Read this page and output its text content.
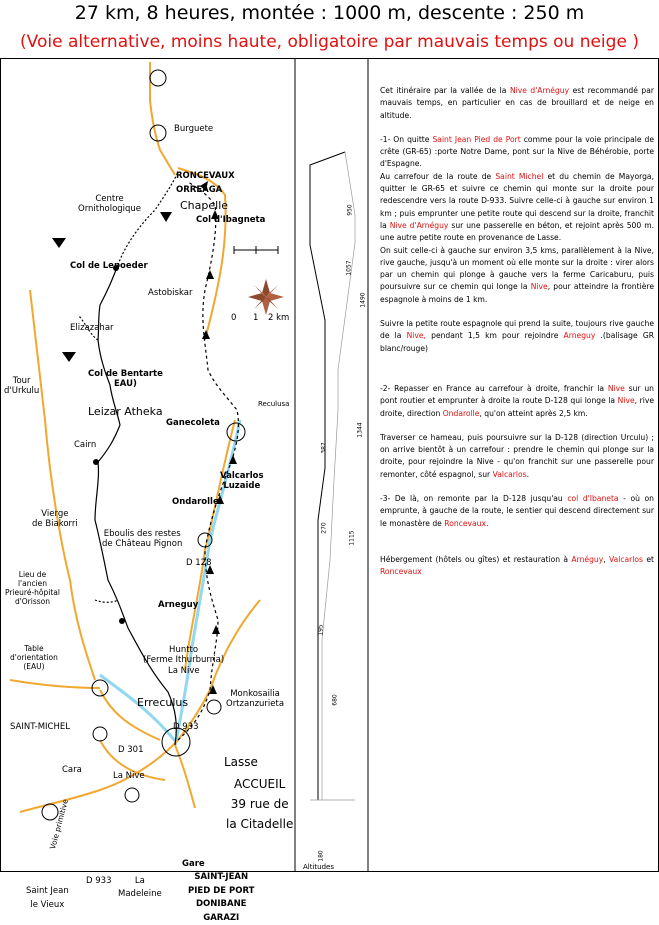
27 km, 8 heures, montée : 1000 m, descente : 250 m
(Voie alternative, moins haute, obligatoire par mauvais temps ou neige )
Burguete
RONCEVAUX
ORREAGA
Chapelle
Centre
Ornithologique
Col d'Ibagneta
Col de Lepoeder
Astobiskar
Elizazahar
Col de Bentarte
EAU)
Tour
d'Urkulu
Leizar Atheka
Cairn
Vierge
de Biakorri
Eboulis des restes
de Château Pignon
Lieu de
l'ancien
Prieuré-hôpital
d'Orisson
Table
d'orientation
(EAU)
SAINT-MICHEL
Erreculus
Monkosailia
Ortzanzurieta
La Nive
La Nive
Huntto
(Ferme Ithurburria)
Arneguy
Ondarolle
Valcarlos
Luzaide
Ganecoleta
Reculusa
D 128
D 933
D 933
D 301
Cara
Voie primitive
Lasse
ACCUEIL
39 rue de
la Citadelle
Gare
SAINT-JEAN
PIED DE PORT
DONIBANE
GARAZI
Saint Jean
le Vieux
La
Madeleine
0 1 2 km
Altitudes
950
1057
1490
1344
387
270
1115
195
680
180

Cet itinéraire par la vallée de la Nive d'Arnéguy est recommandé par mauvais temps, en particulier en cas de brouillard et de neige en altitude.

-1- On quitte Saint Jean Pied de Port comme pour la voie principale de crête (GR-65) :porte Notre Dame, pont sur la Nive de Béhérobie, porte d'Espagne.

Au carrefour de la route de Saint Michel et du chemin de Mayorga, quitter le GR-65 et suivre ce chemin qui monte sur la droite pour redescendre vers la route D-933. Suivre celle-ci à gauche sur environ 1 km ; puis emprunter une petite route qui descend sur la droite, franchit la Nive d'Arnéguy sur une passerelle en béton, et rejoint après 500 m. une autre petite route en provenance de Lasse.

On suit celle-ci à gauche sur environ 3,5 kms, parallèlement à la Nive, rive gauche, jusqu'à un moment où elle monte sur la droite : virer alors par un chemin qui plonge à gauche vers la ferme Caricaburu, puis poursuivre sur ce chemin qui longe la Nive, pour atteindre la frontière espagnole à moins de 1 km.

Suivre la petite route espagnole qui prend la suite, toujours rive gauche de la Nive, pendant 1,5 km pour rejoindre Arneguy .(balisage GR blanc/rouge)

-2- Repasser en France au carrefour à droite, franchir la Nive sur un pont routier et emprunter à droite la route D-128 qui longe la Nive, rive droite, direction Ondarolle, qu'on atteint après 2,5 km.

Traverser ce hameau, puis poursuivre sur la D-128 (direction Urculu) ; on arrive bientôt à un carrefour : prendre le chemin qui plonge sur la droite, pour rejoindre la Nive - qu'on franchit sur une passerelle pour remonter, côté espagnol, sur Valcarlos.

-3- De là, on remonte par la D-128 jusqu'au col d'Ibaneta - où on emprunte, à gauche de la route, le sentier qui descend directement sur le monastère de Roncevaux.

Hébergement (hôtels ou gîtes) et restauration à Arnéguy, Valcarlos et Roncevaux
